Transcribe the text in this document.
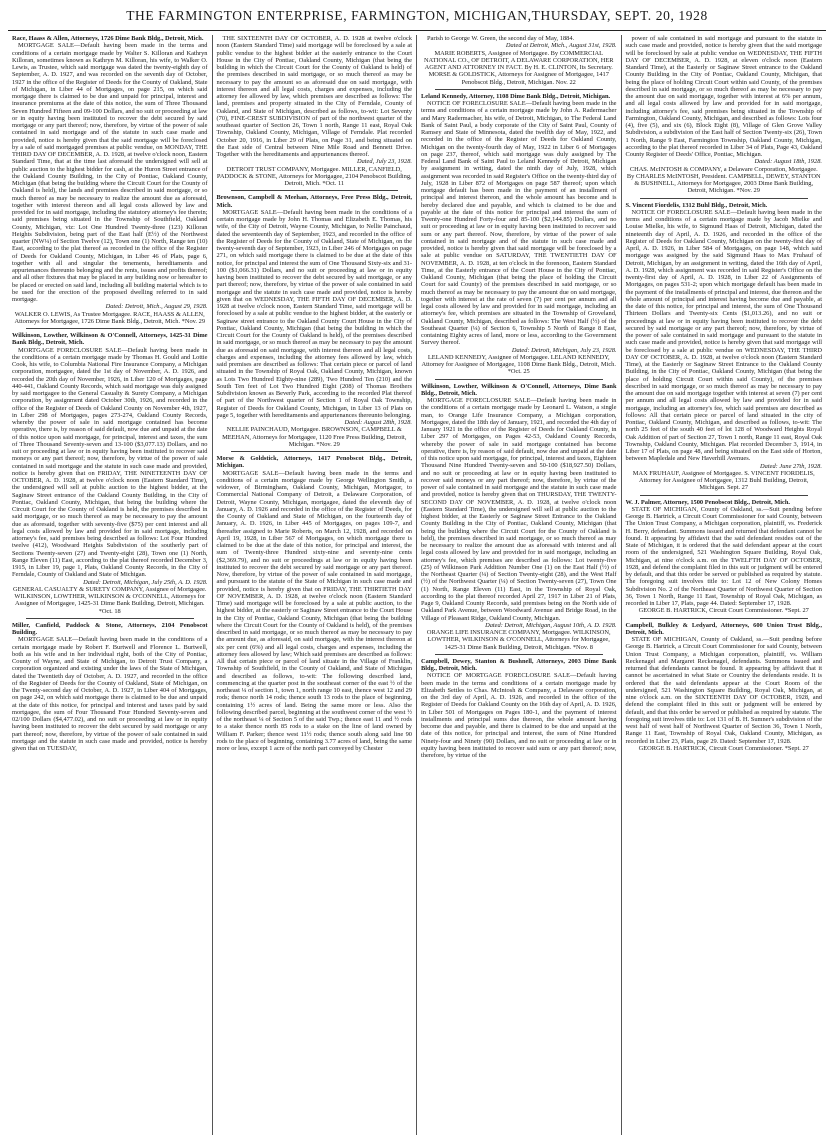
THE FARMINGTON ENTERPRISE, FARMINGTON, MICHIGAN,THURSDAY, SEPT. 20, 1928

Race, Haass & Allen, Attorneys, 1726 Dime Bank Bldg., Detroit, Mich.

MORTGAGE SALE—Default having been made in the terms and conditions of a certain mortgage made by Walter S. Killoran and Kathryn Killoran, sometimes known as Kathryn M. Killoran, his wife, to Walker O. Lewis, as Trustee, which said mortgage was dated the twenty-eighth day of September, A. D. 1927, and was recorded on the seventh day of October, 1927 in the office of the Register of Deeds for the County of Oakland, State of Michigan, in Liber 44 of Mortgages, on page 215, on which said mortgage there is claimed to be due and unpaid for principal, interest and insurance premiums at the date of this notice, the sum of Three Thousand Seven Hundred Fifteen and 09-100 Dollars, and no suit or proceeding at law or in equity having been instituted to recover the debt secured by said mortgage or any part thereof; now, therefore, by virtue of the power of sale contained in said mortgage and of the statute in such case made and provided, notice is hereby given that the said mortgage will be foreclosed by a sale of said mortgaged premises at public vendue, on MONDAY, THE THIRD DAY OF DECEMBER, A. D. 1928, at twelve o'clock noon, Eastern Standard Time, that at the time last aforesaid the undersigned will sell at public auction to the highest bidder for cash, at the Huron Street entrance of the Oakland County Building, in the City of Pontiac, Oakland County, Michigan (that being the building where the Circuit Court for the County of Oakland is held), the lands and premises described in said mortgage, or so much thereof as may be necessary to realize the amount due as aforesaid, together with interest thereon and all legal costs allowed by law and provided for in said mortgage, including the statutory attorney's fee therein; said premises being situated in the Township of Southfield, Oakland County, Michigan, viz: Lot One Hundred Twenty-three (123) Killoran Heights Subdivision, being part of the East half (E½) of the Northwest quarter (NW¼) of Section Twelve (12), Town one (1) North, Range ten (10) East, according to the plat thereof as recorded in the office of the Register of Deeds for Oakland County, Michigan, in Liber 46 of Plats, page 6, together with all and singular the tenements, hereditaments and appurtenances thereunto belonging and the rents, issues and profits thereof; and all other fixtures that may be placed in any building now or hereafter to be placed or erected on said land, including all building material which is to be used for the erection of the proposed dwelling referred to in said mortgage.

Dated: Detroit, Mich., August 29, 1928.

WALKER O. LEWIS, As Trustee Mortgagee. RACE, HAASS & ALLEN, Attorneys for Mortgagee, 1726 Dime Bank Bldg., Detroit, Mich. *Nov. 29

Wilkinson, Lowther, Wilkinson & O'Connell, Attorneys, 1425-31 Dime Bank Bldg., Detroit, Mich.

MORTGAGE FORECLOSURE SALE—Default having been made in the conditions of a certain mortgage made by Thomas H. Gould and Lottie Cook, his wife, to Columbia National Fire Insurance Company, a Michigan corporation, mortgagee, dated the 1st day of November, A. D. 1926, and recorded the 20th day of November, 1926, in Liber 120 of Mortgages, page 440-441, Oakland County Records, which said mortgage was duly assigned by said mortgagee to the General Casualty & Surety Company, a Michigan corporation, by assignment dated October 30th, 1926, and recorded in the office of the Register of Deeds of Oakland County on November 4th, 1927, in Liber 298 of Mortgages, pages 273-274, Oakland County Records, whereby the power of sale in said mortgage contained has become operative, there is, by reason of said default, now due and unpaid at the date of this notice upon said mortgage, for principal, interest and taxes, the sum of Three Thousand Seventy-seven and 13-100 ($3,077.13) Dollars, and no suit or proceeding at law or in equity having been instituted to recover said moneys or any part thereof; now, therefore, by virtue of the power of sale contained in said mortgage and the statute in such case made and provided, notice is hereby given that on FRIDAY, THE NINETEENTH DAY OF OCTOBER, A. D. 1928, at twelve o'clock noon (Eastern Standard Time), the undersigned will sell at public auction to the highest bidder, at the Saginaw Street entrance of the Oakland County Building, in the City of Pontiac, Oakland County, Michigan, that being the building where the Circuit Court for the County of Oakland is held, the premises described in said mortgage, or so much thereof as may be necessary to pay the amount due as aforesaid, together with seventy-five ($75) per cent interest and all legal costs allowed by law and provided for in said mortgage, including attorney's fee, said premises being described as follows: Lot Four Hundred twelve (412), Woodward Heights Subdivision of the southerly part of Sections Twenty-seven (27) and Twenty-eight (28), Town one (1) North, Range Eleven (11) East, according to the plat thereof recorded December 3, 1915, in Liber 19, page 1, Plats, Oakland County Records, in the City of Ferndale, County of Oakland and State of Michigan.

Dated: Detroit, Michigan, July 25th, A. D. 1928.

GENERAL CASUALTY & SURETY COMPANY, Assignee of Mortgagee. WILKINSON, LOWTHER, WILKINSON & O'CONNELL, Attorneys for Assignee of Mortgagee, 1425-31 Dime Bank Building, Detroit, Michigan. *Oct. 18

Miller, Canfield, Paddock & Stone, Attorneys, 2104 Penobscot Building.

MORTGAGE SALE—Default having been made in the conditions of a certain mortgage made by Robert F. Burtwell and Florence L. Burtwell, both as his wife and in her individual right, both of the City of Pontiac, County of Wayne, and State of Michigan, to Detroit Trust Company, a corporation organized and existing under the laws of the State of Michigan, dated the Twentieth day of October, A. D. 1927, and recorded in the office of the Register of Deeds for the County of Oakland, State of Michigan, on the Twenty-second day of October, A. D. 1927, in Liber 404 of Mortgages, on page 242, on which said mortgage there is claimed to be due and unpaid at the date of this notice, for principal and interest and taxes paid by said mortgagee, the sum of Four Thousand Four Hundred Seventy-seven and 02/100 Dollars ($4,477.02), and no suit or proceeding at law or in equity having been instituted to recover the debt secured by said mortgage or any part thereof; now, therefore, by virtue of the power of sale contained in said mortgage and the statute in such case made and provided, notice is hereby given that on TUESDAY,

THE SIXTEENTH DAY OF OCTOBER, A. D. 1928 at twelve o'clock noon (Eastern Standard Time) said mortgage will be foreclosed by a sale at public vendue to the highest bidder at the easterly entrance to the Court House in the City of Pontiac, Oakland County, Michigan (that being the building in which the Circuit Court for the County of Oakland is held) of the premises described in said mortgage, or so much thereof as may be necessary to pay the amount so as aforesaid due on said mortgage, with interest thereon and all legal costs, charges and expenses, including the attorney fee allowed by law, which premises are described as follows: The land, premises and property situated in the City of Ferndale, County of Oakland, and State of Michigan, described as follows, to-wit: Lot Seventy (70), FINE-CREST SUBDIVISION of part of the northwest quarter of the southeast quarter of Section 26, Town 1 north, Range 11 east, Royal Oak Township, Oakland County, Michigan, Village of Ferndale. Plat recorded October 20, 1916, in Liber 29 of Plats, on Page 31, and being situated on the East side of Central between Nine Mile Road and Bennett Drive. Together with the hereditaments and appurtenances thereof.

Dated, July 23, 1928.

DETROIT TRUST COMPANY, Mortgagee. MILLER, CANFIELD, PADDOCK & STONE, Attorneys for Mortgagee, 2104 Penobscot Building, Detroit, Mich. *Oct. 11

Brownson, Campbell & Meehan, Attorneys, Free Press Bldg., Detroit, Mich.

MORTGAGE SALE—Default having been made in the conditions of a certain mortgage made by John H. Thomas and Elizabeth E. Thomas, his wife, of the City of Detroit, Wayne County, Michigan, to Nellie Painchaud, dated the seventeenth day of September, 1923, and recorded in the office of the Register of Deeds for the County of Oakland, State of Michigan, on the twenty-seventh day of September, 1923, in Liber 246 of Mortgages on page 271, on which said mortgage there is claimed to be due at the date of this notice, for principal and interest the sum of One Thousand Sixty-six and 31-100 ($1,066.31) Dollars, and no suit or proceeding at law or in equity having been instituted to recover the debt secured by said mortgage, or any part thereof; now, therefore, by virtue of the power of sale contained in said mortgage and the statute in such case made and provided, notice is hereby given that on WEDNESDAY, THE FIFTH DAY OF DECEMBER, A. D. 1928 at twelve o'clock noon, Eastern Standard Time, said mortgage will be foreclosed by a sale at public vendue to the highest bidder, at the easterly or Saginaw street entrance to the Oakland County Court House in the City of Pontiac, Oakland County, Michigan (that being the building in which the Circuit Court for the County of Oakland is held), of the premises described in said mortgage, or so much thereof as may be necessary to pay the amount due as aforesaid on said mortgage, with interest thereon and all legal costs, charges and expenses, including the attorney fees allowed by law, which said premises are described as follows: That certain piece or parcel of land situated in the Township of Royal Oak, Oakland County, Michigan, known as Lots Two Hundred Eighty-nine (289), Two Hundred Ten (210) and the South Ten feet of Lot Two Hundred Eight (208) of Thomas Brothers Subdivision known as Beverly Park, according to the recorded Plat thereof of part of the Northwest quarter of Section 1 of Royal Oak Township, Register of Deeds for Oakland County, Michigan, in Liber 13 of Plats on page 5, together with hereditaments and appurtenances thereunto belonging.

Dated: August 28th, 1928.

NELLIE PAINCHAUD, Mortgagee. BROWNSON, CAMPBELL & MEEHAN, Attorneys for Mortgagee, 1120 Free Press Building, Detroit, Michigan. *Nov. 29

Morse & Goldstick, Attorneys, 1417 Penobscot Bldg., Detroit, Michigan.

MORTGAGE SALE—Default having been made in the terms and conditions of a certain mortgage made by George Wellington Smith, a widower, of Birmingham, Oakland County, Michigan, Mortgagor, to Commercial National Company of Detroit, a Delaware Corporation, of Detroit, Wayne County, Michigan, mortgagee, dated the eleventh day of January, A. D. 1926 and recorded in the office of the Register of Deeds, for the County of Oakland and State of Michigan, on the fourteenth day of January, A. D. 1926, in Liber 445 of Mortgages, on pages 109-7, and thereafter assigned to Marie Roberts, on March 12, 1928, and recorded on April 19, 1928, in Liber 567 of Mortgages, on which mortgage there is claimed to be due at the date of this notice, for principal and interest, the sum of Twenty-three Hundred sixty-nine and seventy-nine cents ($2,369.79), and no suit or proceedings at law or in equity having been instituted to recover the debt secured by said mortgage or any part thereof. Now, therefore, by virtue of the power of sale contained in said mortgage, and pursuant to the statute of the State of Michigan in such case made and provided, notice is hereby given that on FRIDAY, THE THIRTIETH DAY OF NOVEMBER, A. D. 1928, at twelve o'clock noon (Eastern Standard Time) said mortgage will be foreclosed by a sale at public auction, to the highest bidder, at the easterly or Saginaw Street entrance to the Court House in the City of Pontiac, Oakland County, Michigan (that being the building where the Circuit Court for the County of Oakland is held), of the premises described in said mortgage, or so much thereof as may be necessary to pay the amount due, as aforesaid, on said mortgage, with the interest thereon at six per cent (6%) and all legal costs, charges and expenses, including the attorney fees allowed by law; Which said premises are described as follows: All that certain piece or parcel of land situate in the Village of Franklin, Township of Southfield, in the County of Oakland, and State of Michigan and described as follows, to-wit: The following described land, commencing at the quarter post in the southeast corner of the east ½ of the northeast ¼ of section 1, town 1, north range 10 east, thence west 12 and 29 rods; thence north 14 rods; thence south 13 rods to the place of beginning, containing 1½ acres of land. Being the same more or less. Also the following described parcel, beginning at the southwest corner of the west ½ of the northeast ¼ of Section 5 of the said Twp.; thence east 11 and ½ rods to a stake thence north 85 rods to a stake on the line of land owned by William F. Parker; thence west 11½ rods; thence south along said line 90 rods to the place of beginning, containing 3.77 acres of land, being the same more or less, except 1 acre of the north part conveyed by Chester

Parish to George W. Green, the second day of May, 1884.

Dated at Detroit, Mich., August 31st, 1928.

MARIE ROBERTS, Assignee of Mortgagee. By COMMERCIAL NATIONAL CO., OF DETROIT, A DELAWARE CORPORATION, HER AGENT AND ATTORNEY IN FACT. By H. E. CLINTON, Its Secretary. MORSE & GOLDSTICK, Attorneys for Assignee of Mortgagee, 1417 Penobscot Bldg., Detroit, Michigan. Nov. 22

Leland Kennedy, Attorney, 1108 Dime Bank Bldg., Detroit, Michigan.

NOTICE OF FORECLOSURE SALE—Default having been made in the terms and conditions of a certain mortgage made by John A. Radermacher and Mary Radermacher, his wife, of Detroit, Michigan, to The Federal Land Bank of Saint Paul, a body corporate of the City of Saint Paul, County of Ramsey and State of Minnesota, dated the twelfth day of May, 1922, and recorded in the office of the Register of Deeds for Oakland County, Michigan on the twenty-fourth day of May, 1922 in Liber 6 of Mortgages on page 237, thereof, which said mortgage was duly assigned by The Federal Land Bank of Saint Paul to Leland Kennedy of Detroit, Michigan by assignment in writing, dated the ninth day of July, 1928, which assignment was recorded in said Register's Office on the twenty-third day of July, 1928 in Liber 872 of Mortgages on page 587 thereof; upon which mortgage default has been made in the payment of an installment of principal and interest thereon, and the whole amount has become and is hereby declared due and payable, and which is claimed to be due and payable at the date of this notice for principal and interest the sum of Twenty-one Hundred Forty-four and 85-100 ($2,144.85) Dollars, and no suit or proceeding at law or in equity having been instituted to recover said sum or any part thereof. Now, therefore, by virtue of the power of sale contained in said mortgage and of the statute in such case made and provided, notice is hereby given that said mortgage will be foreclosed by a sale at public vendue on SATURDAY, THE TWENTIETH DAY OF NOVEMBER, A. D. 1928, at ten o'clock in the forenoon, Eastern Standard Time, at the Easterly entrance of the Court House in the City of Pontiac, Oakland County, Michigan (that being the place of holding the Circuit Court for said County) of the premises described in said mortgage, or so much thereof as may be necessary to pay the amount due on said mortgage, together with interest at the rate of seven (7) per cent per annum and all legal costs allowed by law and provided for in said mortgage, including an attorney's fee, which premises are situated in the Township of Groveland, Oakland County, Michigan, described as follows: The West Half (½) of the Southeast Quarter (¼) of Section 6, Township 5 North of Range 8 East, containing Eighty acres of land, more or less, according to the Government Survey thereof.

Dated: Detroit, Michigan, July 23, 1928.

LELAND KENNEDY, Assignee of Mortgagee. LELAND KENNEDY, Attorney for Assignee of Mortgagee, 1108 Dime Bank Bldg., Detroit, Mich. *Oct. 25

Wilkinson, Lowther, Wilkinson & O'Connell, Attorneys, Dime Bank Bldg., Detroit, Mich.

MORTGAGE FORECLOSURE SALE—Default having been made in the conditions of a certain mortgage made by Leonard L. Watson, a single man, to Orange Life Insurance Company, a Michigan corporation, Mortgagee, dated the 18th day of January, 1921, and recorded the 4th day of January 1921 in the office of the Register of Deeds for Oakland County, in Liber 297 of Mortgages, on Pages 42-53, Oakland County Records, whereby the power of sale in said mortgage contained has become operative, there is, by reason of said default, now due and unpaid at the date of this notice upon said mortgage, for principal, interest and taxes, Eighteen Thousand Nine Hundred Twenty-seven and 50-100 ($18,927.50) Dollars, and no suit or proceeding at law or in equity having been instituted to recover said moneys or any part thereof; now, therefore, by virtue of the power of sale contained in said mortgage and the statute in such case made and provided, notice is hereby given that on THURSDAY, THE TWENTY-SECOND DAY OF NOVEMBER, A. D. 1928, at twelve o'clock noon (Eastern Standard Time), the undersigned will sell at public auction to the highest bidder, at the Easterly or Saginaw Street Entrance to the Oakland County Building in the City of Pontiac, Oakland County, Michigan (that being the building where the Circuit Court for the County of Oakland is held), the premises described in said mortgage, or so much thereof as may be necessary to realize the amount due as aforesaid with interest and all legal costs allowed by law and provided for in said mortgage, including an attorney's fee, which premises are described as follows: Lot twenty-five (25) of Wilkinson Park Addition Number One (1) on the East Half (½) of the Northeast Quarter (¼) of Section Twenty-eight (28), and the West Half (½) of the Northwest Quarter (¼) of Section Twenty-seven (27), Town One (1) North, Range Eleven (11) East, in the Township of Royal Oak, according to the plat thereof recorded April 27, 1917 in Liber 21 of Plats, Page 9, Oakland County Records, said premises being on the North side of Oakland Park Avenue, between Woodward Avenue and Bridge Road, in the Village of Pleasant Ridge, Oakland County, Michigan.

Dated: Detroit, Michigan, August 10th, A. D. 1928.

ORANGE LIFE INSURANCE COMPANY, Mortgagee. WILKINSON, LOWTHER, WILKINSON & O'CONNELL, Attorneys for Mortgagee, 1425-31 Dime Bank Building, Detroit, Michigan. *Nov. 8

Campbell, Dewey, Stanton & Bushnell, Attorneys, 2003 Dime Bank Bldg., Detroit, Mich.

NOTICE OF MORTGAGE FORECLOSURE SALE—Default having been made in the terms and conditions of a certain mortgage made by Elizabeth Settles to Chas. McIntosh & Company, a Delaware corporation, on the 3rd day of April, A. D. 1926, and recorded in the office of the Register of Deeds for Oakland County on the 16th day of April, A. D. 1926, in Liber 501 of Mortgages on Pages 180-1, and the payment of interest installments and principal sums due thereon, the whole amount having become due and payable, and there is claimed to be due and unpaid at the date of this notice, for principal and interest, the sum of Nine Hundred Ninety-four and Ninety (90) Dollars, and no suit or proceeding at law or in equity having been instituted to recover said sum or any part thereof; now, therefore, by virtue of the

power of sale contained in said mortgage and pursuant to the statute in such case made and provided, notice is hereby given that the said mortgage will be foreclosed by sale at public vendue on WEDNESDAY, THE FIFTH DAY OF DECEMBER, A. D. 1928, at eleven o'clock noon (Eastern Standard Time), at the Easterly or Saginaw Street entrance to the Oakland County Building in the City of Pontiac, Oakland County, Michigan, that being the place of holding Circuit Court within said County, of the premises described in said mortgage, or so much thereof as may be necessary to pay the amount due on said mortgage, together with interest at 6% per annum, and all legal costs allowed by law and provided for in said mortgage, including attorney's fee, said premises being situated in the Township of Farmington, Oakland County, Michigan, and described as follows: Lots four (4), five (5), and six (6), Block Eight (8), Village of Glen Grove Valley Subdivision, a subdivision of the East half of Section Twenty-six (26), Town 1 North, Range 9 East, Farmington Township, Oakland County, Michigan, according to the plat thereof recorded in Liber 34 of Plats, Page 43, Oakland County Register of Deeds' Office, Pontiac, Michigan.

Dated: August 18th, 1928.

CHAS. McINTOSH & COMPANY, a Delaware Corporation, Mortgagee. By CHARLES McINTOSH, President. CAMPBELL, DEWEY, STANTON & BUSHNELL, Attorneys for Mortgagee, 2003 Dime Bank Building, Detroit, Michigan. *Nov. 29

S. Vincent Fiordelis, 1312 Buhl Bldg., Detroit, Mich.

NOTICE OF FORECLOSURE SALE—Default having been made in the terms and conditions of a certain mortgage made by Jacob Mielke and Louise Mielke, his wife, to Sigmund Haas of Detroit, Michigan, dated the nineteenth day of April, A. D. 1926, and recorded in the office of the Register of Deeds for Oakland County, Michigan on the twenty-first day of April, A. D. 1926, in Liber 584 of Mortgages, on page 148, which said mortgage was assigned by the said Sigmund Haas to Max Fruhauf of Detroit, Michigan, by an assignment in writing, dated the 16th day of April, A. D. 1928, which assignment was recorded in said Register's Office on the twenty-first day of April, A. D. 1928, in Liber 22 of Assignments of Mortgages, on pages 531-2; upon which mortgage default has been made in the payment of the installments of principal and interest, due thereon and the whole amount of principal and interest having become due and payable, at the date of this notice, for principal and interest, the sum of One Thousand Thirteen Dollars and Twenty-six Cents ($1,013.26), and no suit or proceedings at law or in equity having been instituted to recover the debt secured by said mortgage or any part thereof; now, therefore, by virtue of the power of sale contained in said mortgage and pursuant to the statute in such case made and provided, notice is hereby given that said mortgage will be foreclosed by a sale at public vendue on WEDNESDAY, THE THIRD DAY OF OCTOBER, A. D. 1928, at twelve o'clock noon (Eastern Standard Time), at the Easterly or Saginaw Street Entrance to the Oakland County Building, in the City of Pontiac, Oakland County, Michigan (that being the place of holding Circuit Court within said County), of the premises described in said mortgage, or so much thereof as may be necessary to pay the amount due on said mortgage together with interest at seven (7) per cent per annum and all legal costs allowed by law and provided for in said mortgage, including an attorney's fee, which said premises are described as follows: All that certain piece or parcel of land situated in the city of Pontiac, Oakland County, Michigan, and described as follows, to-wit: The north 25 feet of the south 40 feet of lot 128 of Woodward Heights Royal Oak Addition of part of Section 27, Town 1 north, Range 11 east, Royal Oak Township, Oakland County, Michigan. Plat recorded December 3, 1914, in Liber 17 of Plats, on page 48, and being situated on the East side of Horton, between Mapledale and New Haverhill Avenues.

Dated: June 27th, 1928.

MAX FRUHAUF, Assignee of Mortgagee. S. VINCENT FIORDELIS, Attorney for Assignee of Mortgagee, 1312 Buhl Building, Detroit, Michigan. Sept. 27

W. J. Palmer, Attorney, 1500 Penobscot Bldg., Detroit, Mich.

STATE OF MICHIGAN, County of Oakland, ss.—Suit pending before George B. Hartrick, a Circuit Court Commissioner for said County, between The Union Trust Company, a Michigan corporation, plaintiff, vs. Frederick H. Berry, defendant. Summons issued and returned that defendant cannot be found. It appearing by affidavit that the said defendant resides out of the State of Michigan, it is ordered that the said defendant appear at the court room of the undersigned, 521 Washington Square Building, Royal Oak, Michigan, at nine o'clock a.m. on the TWELFTH DAY OF OCTOBER, 1928, and defend the complaint filed in this suit or judgment will be entered by default, and that this order be served or published as required by statute. The foregoing suit involves title to: Lot 12 of New Colony Homes Subdivision No. 2 of the Northeast Quarter of Northwest Quarter of Section 36, Town 1 North, Range 11 East, Township of Royal Oak, Michigan, as recorded in Liber 17, Plats, page 44. Dated: September 17, 1928.

GEORGE B. HARTRICK, Circuit Court Commissioner. *Sept. 27

Campbell, Bulkley & Ledyard, Attorneys, 600 Union Trust Bldg., Detroit, Mich.

STATE OF MICHIGAN, County of Oakland, ss.—Suit pending before George B. Hartrick, a Circuit Court Commissioner for said County, between Union Trust Company, a Michigan corporation, plaintiff, vs. William Reckenagel and Margaret Reckenagel, defendants. Summons issued and returned that defendants cannot be found. It appearing by affidavit that it cannot be ascertained in what State or Country the defendants reside. It is ordered that the said defendants appear at the Court Room of the undersigned, 521 Washington Square Building, Royal Oak, Michigan, at nine o'clock a.m. on the SIXTEENTH DAY OF OCTOBER, 1928, and defend the complaint filed in this suit or judgment will be entered by default, and that this order be served or published as required by statute. The foregoing suit involves title to: Lot 131 of B. H. Sumner's subdivision of the west half of west half of Northwest Quarter of Section 36, Town 1 North, Range 11 East, Township of Royal Oak, Oakland County, Michigan, as recorded in Liber 23, Plats, page 29. Dated: September 17, 1928.

GEORGE B. HARTRICK, Circuit Court Commissioner. *Sept. 27
